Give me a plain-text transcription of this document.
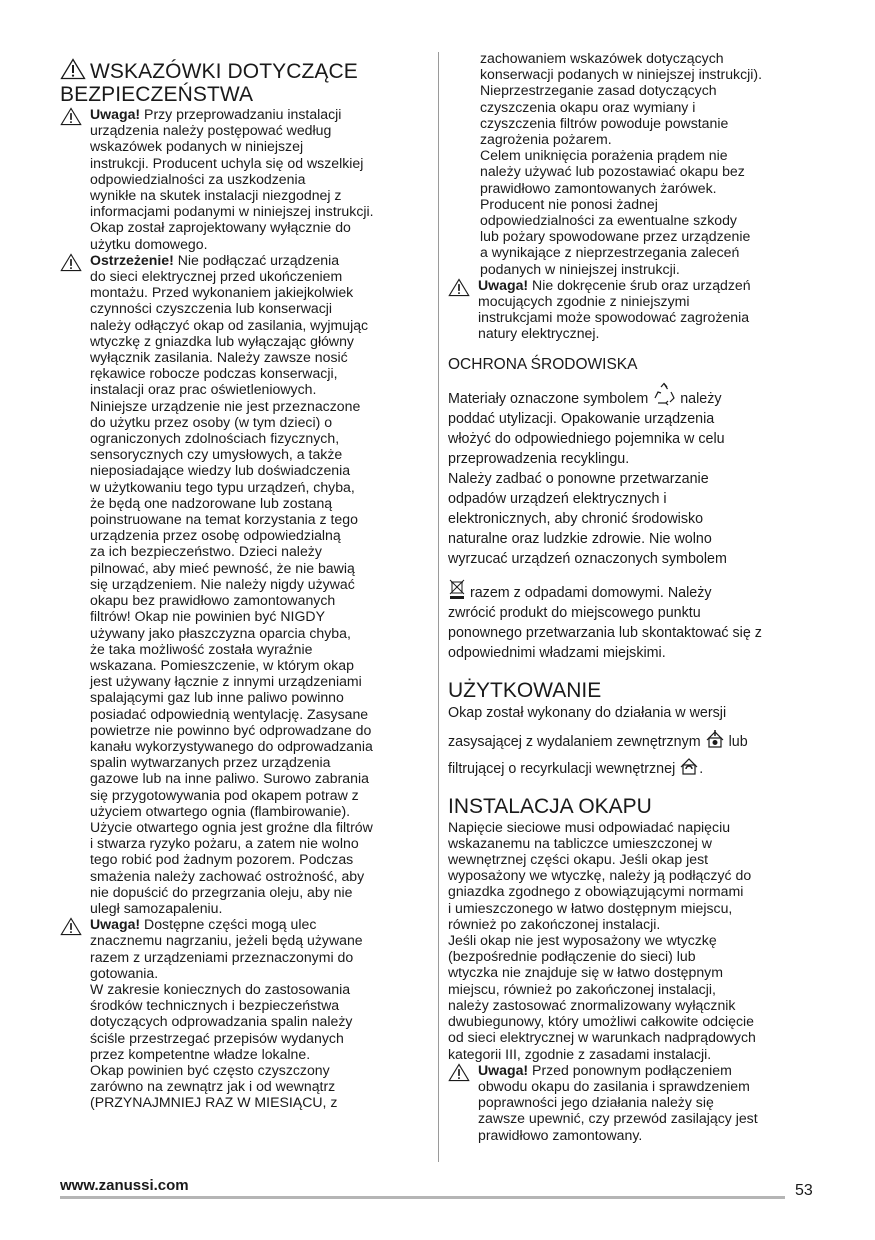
WSKAZÓWKI DOTYCZĄCE
BEZPIECZEŃSTWA
Uwaga! Przy przeprowadzaniu instalacji
urządzenia należy postępować według
wskazówek podanych w niniejszej
instrukcji. Producent uchyla się od wszelkiej
odpowiedzialności za uszkodzenia
wynikłe na skutek instalacji niezgodnej z
informacjami podanymi w niniejszej instrukcji.
Okap został zaprojektowany wyłącznie do
użytku domowego.
Ostrzeżenie! Nie podłączać urządzenia
do sieci elektrycznej przed ukończeniem
montażu. Przed wykonaniem jakiejkolwiek
czynności czyszczenia lub konserwacji
należy odłączyć okap od zasilania, wyjmując
wtyczkę z gniazdka lub wyłączając główny
wyłącznik zasilania. Należy zawsze nosić
rękawice robocze podczas konserwacji,
instalacji oraz prac oświetleniowych.
Niniejsze urządzenie nie jest przeznaczone
do użytku przez osoby (w tym dzieci) o
ograniczonych zdolnościach fizycznych,
sensorycznych czy umysłowych, a także
nieposiadające wiedzy lub doświadczenia
w użytkowaniu tego typu urządzeń, chyba,
że będą one nadzorowane lub zostaną
poinstruowane na temat korzystania z tego
urządzenia przez osobę odpowiedzialną
za ich bezpieczeństwo. Dzieci należy
pilnować, aby mieć pewność, że nie bawią
się urządzeniem. Nie należy nigdy używać
okapu bez prawidłowo zamontowanych
filtrów! Okap nie powinien być NIGDY
używany jako płaszczyzna oparcia chyba,
że taka możliwość została wyraźnie
wskazana. Pomieszczenie, w którym okap
jest używany łącznie z innymi urządzeniami
spalającymi gaz lub inne paliwo powinno
posiadać odpowiednią wentylację. Zasysane
powietrze nie powinno być odprowadzane do
kanału wykorzystywanego do odprowadzania
spalin wytwarzanych przez urządzenia
gazowe lub na inne paliwo. Surowo zabrania
się przygotowywania pod okapem potraw z
użyciem otwartego ognia (flambirowanie).
Użycie otwartego ognia jest groźne dla filtrów
i stwarza ryzyko pożaru, a zatem nie wolno
tego robić pod żadnym pozorem. Podczas
smażenia należy zachować ostrożność, aby
nie dopuścić do przegrzania oleju, aby nie
uległ samozapaleniu.
Uwaga! Dostępne części mogą ulec
znacznemu nagrzaniu, jeżeli będą używane
razem z urządzeniami przeznaczonymi do
gotowania.
W zakresie koniecznych do zastosowania
środków technicznych i bezpieczeństwa
dotyczących odprowadzania spalin należy
ściśle przestrzegać przepisów wydanych
przez kompetentne władze lokalne.
Okap powinien być często czyszczony
zarówno na zewnątrz jak i od wewnątrz
(PRZYNAJMNIEJ RAZ W MIESIĄCU, z
zachowaniem wskazówek dotyczących
konserwacji podanych w niniejszej instrukcji).
Nieprzestrzeganie zasad dotyczących
czyszczenia okapu oraz wymiany i
czyszczenia filtrów powoduje powstanie
zagrożenia pożarem.
Celem uniknięcia porażenia prądem nie
należy używać lub pozostawiać okapu bez
prawidłowo zamontowanych żarówek.
Producent nie ponosi żadnej
odpowiedzialności za ewentualne szkody
lub pożary spowodowane przez urządzenie
a wynikające z nieprzestrzegania zaleceń
podanych w niniejszej instrukcji.
Uwaga! Nie dokręcenie śrub oraz urządzeń
mocujących zgodnie z niniejszymi
instrukcjami może spowodować zagrożenia
natury elektrycznej.
OCHRONA ŚRODOWISKA
Materiały oznaczone symbolem  należy
poddać utylizacji. Opakowanie urządzenia
włożyć do odpowiedniego pojemnika w celu
przeprowadzenia recyklingu.
Należy zadbać o ponowne przetwarzanie
odpadów urządzeń elektrycznych i
elektronicznych, aby chronić środowisko
naturalne oraz ludzkie zdrowie. Nie wolno
wyrzucać urządzeń oznaczonych symbolem

razem z odpadami domowymi. Należy
zwrócić produkt do miejscowego punktu
ponownego przetwarzania lub skontaktować się z
odpowiednimi władzami miejskimi.
UŻYTKOWANIE
Okap został wykonany do działania w wersji

zasysającej z wydalaniem zewnętrznym  lub

filtrującej o recyrkulacji wewnętrznej .
INSTALACJA OKAPU
Napięcie sieciowe musi odpowiadać napięciu
wskazanemu na tabliczce umieszczonej w
wewnętrznej części okapu. Jeśli okap jest
wyposażony we wtyczkę, należy ją podłączyć do
gniazdka zgodnego z obowiązującymi normami
i umieszczonego w łatwo dostępnym miejscu,
również po zakończonej instalacji.
Jeśli okap nie jest wyposażony we wtyczkę
(bezpośrednie podłączenie do sieci) lub
wtyczka nie znajduje się w łatwo dostępnym
miejscu, również po zakończonej instalacji,
należy zastosować znormalizowany wyłącznik
dwubiegunowy, który umożliwi całkowite odcięcie
od sieci elektrycznej w warunkach nadprądowych
kategorii III, zgodnie z zasadami instalacji.
Uwaga! Przed ponownym podłączeniem
obwodu okapu do zasilania i sprawdzeniem
poprawności jego działania należy się
zawsze upewnić, czy przewód zasilający jest
prawidłowo zamontowany.
www.zanussi.com	53
